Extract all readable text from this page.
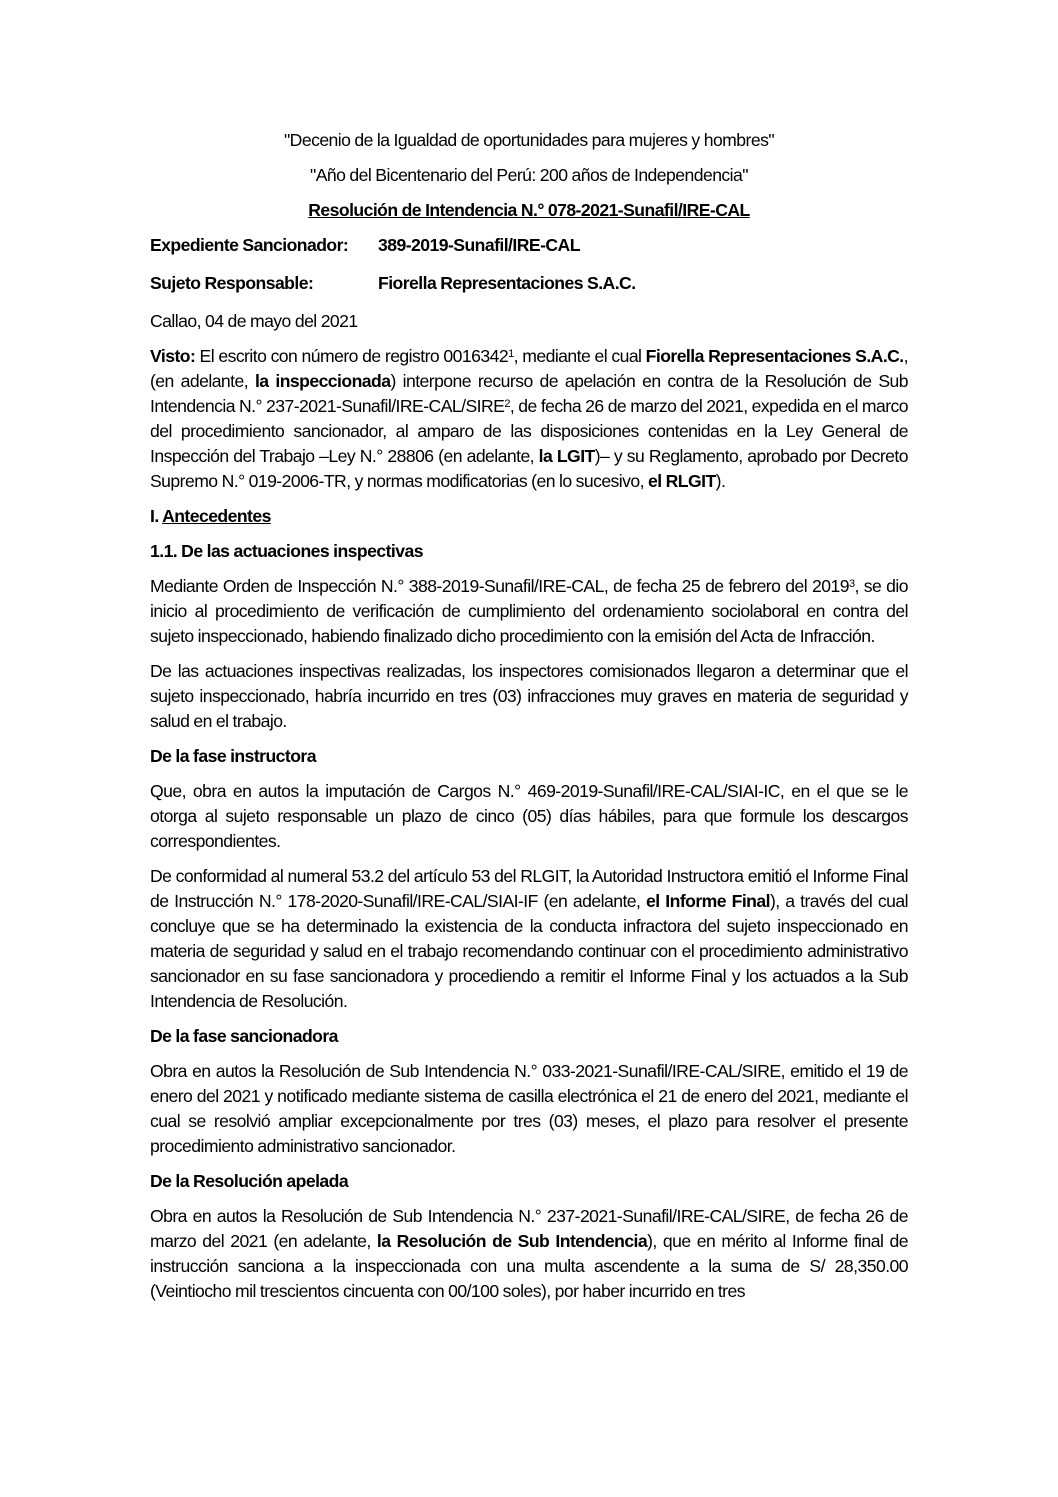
"Decenio de la Igualdad de oportunidades para mujeres y hombres"
"Año del Bicentenario del Perú: 200 años de Independencia"
Resolución de Intendencia N.° 078-2021-Sunafil/IRE-CAL
Expediente Sancionador:	389-2019-Sunafil/IRE-CAL
Sujeto Responsable:	Fiorella Representaciones S.A.C.

Callao, 04 de mayo del 2021

Visto: El escrito con número de registro 0016342$^1$, mediante el cual Fiorella Representaciones S.A.C., (en adelante, la inspeccionada) interpone recurso de apelación en contra de la Resolución de Sub Intendencia N.° 237-2021-Sunafil/IRE-CAL/SIRE$^2$, de fecha 26 de marzo del 2021, expedida en el marco del procedimiento sancionador, al amparo de las disposiciones contenidas en la Ley General de Inspección del Trabajo –Ley N.° 28806 (en adelante, la LGIT)– y su Reglamento, aprobado por Decreto Supremo N.° 019-2006-TR, y normas modificatorias (en lo sucesivo, el RLGIT).

I. Antecedentes
1.1. De las actuaciones inspectivas

Mediante Orden de Inspección N.° 388-2019-Sunafil/IRE-CAL, de fecha 25 de febrero del 2019$^3$, se dio inicio al procedimiento de verificación de cumplimiento del ordenamiento sociolaboral en contra del sujeto inspeccionado, habiendo finalizado dicho procedimiento con la emisión del Acta de Infracción.

De las actuaciones inspectivas realizadas, los inspectores comisionados llegaron a determinar que el sujeto inspeccionado, habría incurrido en tres (03) infracciones muy graves en materia de seguridad y salud en el trabajo.

De la fase instructora

Que, obra en autos la imputación de Cargos N.° 469-2019-Sunafil/IRE-CAL/SIAI-IC, en el que se le otorga al sujeto responsable un plazo de cinco (05) días hábiles, para que formule los descargos correspondientes.

De conformidad al numeral 53.2 del artículo 53 del RLGIT, la Autoridad Instructora emitió el Informe Final de Instrucción N.° 178-2020-Sunafil/IRE-CAL/SIAI-IF (en adelante, el Informe Final), a través del cual concluye que se ha determinado la existencia de la conducta infractora del sujeto inspeccionado en materia de seguridad y salud en el trabajo recomendando continuar con el procedimiento administrativo sancionador en su fase sancionadora y procediendo a remitir el Informe Final y los actuados a la Sub Intendencia de Resolución.

De la fase sancionadora

Obra en autos la Resolución de Sub Intendencia N.° 033-2021-Sunafil/IRE-CAL/SIRE, emitido el 19 de enero del 2021 y notificado mediante sistema de casilla electrónica el 21 de enero del 2021, mediante el cual se resolvió ampliar excepcionalmente por tres (03) meses, el plazo para resolver el presente procedimiento administrativo sancionador.

De la Resolución apelada

Obra en autos la Resolución de Sub Intendencia N.° 237-2021-Sunafil/IRE-CAL/SIRE, de fecha 26 de marzo del 2021 (en adelante, la Resolución de Sub Intendencia), que en mérito al Informe final de instrucción sanciona a la inspeccionada con una multa ascendente a la suma de S/ 28,350.00 (Veintiocho mil trescientos cincuenta con 00/100 soles), por haber incurrido en tres
